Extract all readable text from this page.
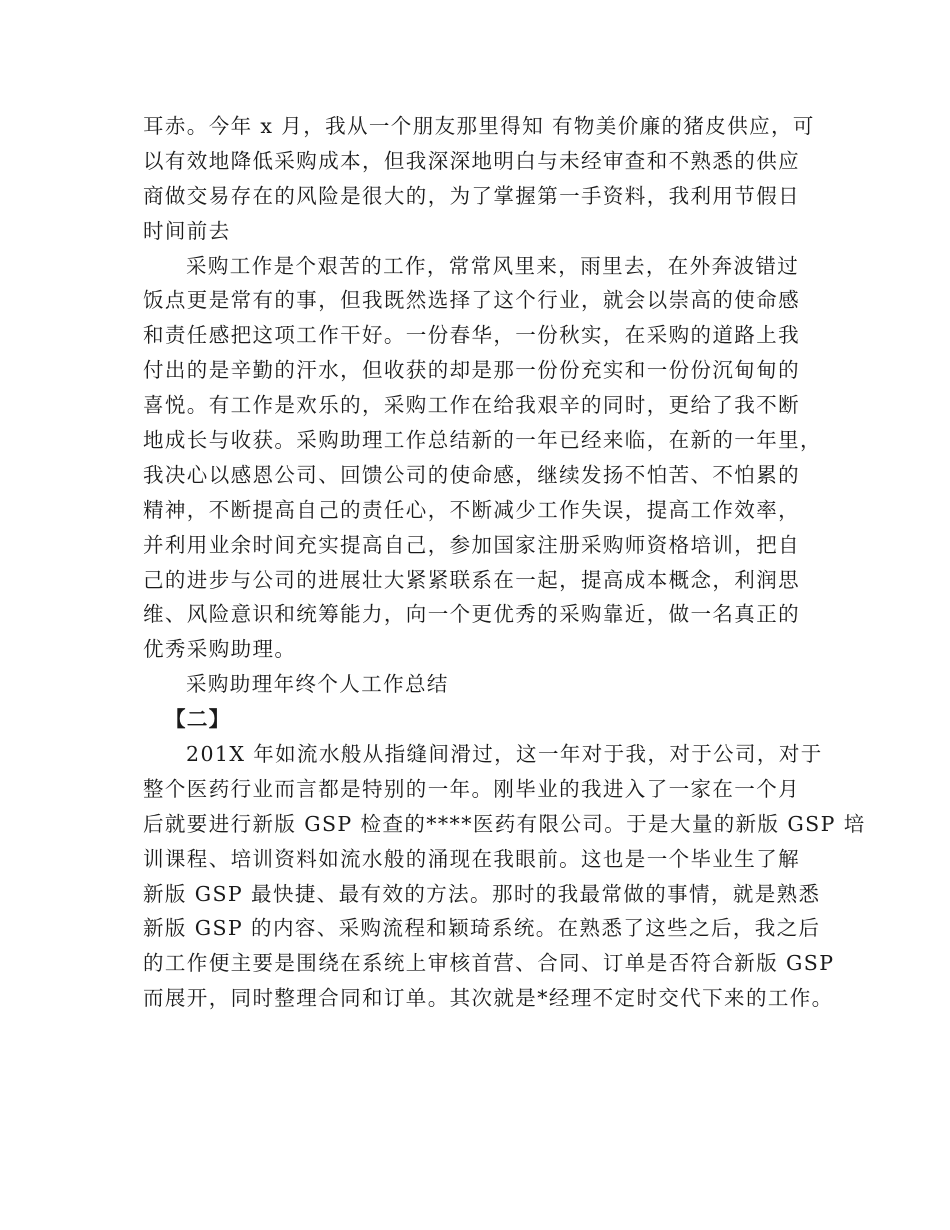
耳赤。今年 x 月，我从一个朋友那里得知 有物美价廉的猪皮供应，可
以有效地降低采购成本，但我深深地明白与未经审查和不熟悉的供应
商做交易存在的风险是很大的，为了掌握第一手资料，我利用节假日
时间前去
采购工作是个艰苦的工作，常常风里来，雨里去，在外奔波错过
饭点更是常有的事，但我既然选择了这个行业，就会以崇高的使命感
和责任感把这项工作干好。一份春华，一份秋实，在采购的道路上我
付出的是辛勤的汗水，但收获的却是那一份份充实和一份份沉甸甸的
喜悦。有工作是欢乐的，采购工作在给我艰辛的同时，更给了我不断
地成长与收获。采购助理工作总结新的一年已经来临，在新的一年里，
我决心以感恩公司、回馈公司的使命感，继续发扬不怕苦、不怕累的
精神，不断提高自己的责任心，不断减少工作失误，提高工作效率，
并利用业余时间充实提高自己，参加国家注册采购师资格培训，把自
己的进步与公司的进展壮大紧紧联系在一起，提高成本概念，利润思
维、风险意识和统筹能力，向一个更优秀的采购靠近，做一名真正的
优秀采购助理。
采购助理年终个人工作总结
【二】
201X 年如流水般从指缝间滑过，这一年对于我，对于公司，对于
整个医药行业而言都是特别的一年。刚毕业的我进入了一家在一个月
后就要进行新版 GSP 检查的****医药有限公司。于是大量的新版 GSP 培
训课程、培训资料如流水般的涌现在我眼前。这也是一个毕业生了解
新版 GSP 最快捷、最有效的方法。那时的我最常做的事情，就是熟悉
新版 GSP 的内容、采购流程和颖琦系统。在熟悉了这些之后，我之后
的工作便主要是围绕在系统上审核首营、合同、订单是否符合新版 GSP
而展开，同时整理合同和订单。其次就是*经理不定时交代下来的工作。
